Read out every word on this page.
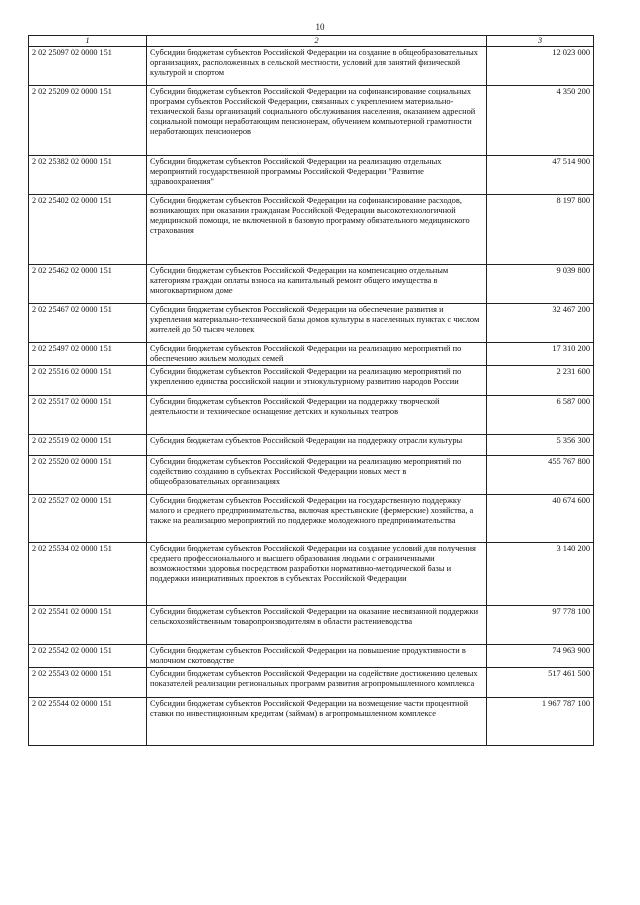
10
1	2	3
2 02 25097 02 0000 151	Субсидии бюджетам субъектов Российской Федерации на создание в общеобразовательных организациях, расположенных в сельской местности, условий для занятий физической культурой и спортом	12 023 000
2 02 25209 02 0000 151	Субсидии бюджетам субъектов Российской Федерации на софинансирование социальных программ субъектов Российской Федерации, связанных с укреплением материально-технической базы организаций социального обслуживания населения, оказанием адресной социальной помощи неработающим пенсионерам, обучением компьютерной грамотности неработающих пенсионеров	4 350 200
2 02 25382 02 0000 151	Субсидии бюджетам субъектов Российской Федерации на реализацию отдельных мероприятий государственной программы Российской Федерации "Развитие здравоохранения"	47 514 900
2 02 25402 02 0000 151	Субсидии бюджетам субъектов Российской Федерации на софинансирование расходов, возникающих при оказании гражданам Российской Федерации высокотехнологичной медицинской помощи, не включенной в базовую программу обязательного медицинского страхования	8 197 800
2 02 25462 02 0000 151	Субсидии бюджетам субъектов Российской Федерации на компенсацию отдельным категориям граждан оплаты взноса на капитальный ремонт общего имущества в многоквартирном доме	9 039 800
2 02 25467 02 0000 151	Субсидии бюджетам субъектов Российской Федерации на обеспечение развития и укрепления материально-технической базы домов культуры в населенных пунктах с числом жителей до 50 тысяч человек	32 467 200
2 02 25497 02 0000 151	Субсидии бюджетам субъектов Российской Федерации на реализацию мероприятий по обеспечению жильем молодых семей	17 310 200
2 02 25516 02 0000 151	Субсидии бюджетам субъектов Российской Федерации на реализацию мероприятий по укреплению единства российской нации и этнокультурному развитию народов России	2 231 600
2 02 25517 02 0000 151	Субсидии бюджетам субъектов Российской Федерации на поддержку творческой деятельности и техническое оснащение детских и кукольных театров	6 587 000
2 02 25519 02 0000 151	Субсидия бюджетам субъектов Российской Федерации на поддержку отрасли культуры	5 356 300
2 02 25520 02 0000 151	Субсидии бюджетам субъектов Российской Федерации на реализацию мероприятий по содействию созданию в субъектах Российской Федерации новых мест в общеобразовательных организациях	455 767 800
2 02 25527 02 0000 151	Субсидии бюджетам субъектов Российской Федерации на государственную поддержку малого и среднего предпринимательства, включая крестьянские (фермерские) хозяйства, а также на реализацию мероприятий по поддержке молодежного предпринимательства	40 674 600
2 02 25534 02 0000 151	Субсидии бюджетам субъектов Российской Федерации на создание условий для получения среднего профессионального и высшего образования людьми с ограниченными возможностями здоровья посредством разработки нормативно-методической базы и поддержки инициативных проектов в субъектах Российской Федерации	3 140 200
2 02 25541 02 0000 151	Субсидии бюджетам субъектов Российской Федерации на оказание несвязанной поддержки сельскохозяйственным товаропроизводителям в области растениеводства	97 778 100
2 02 25542 02 0000 151	Субсидии бюджетам субъектов Российской Федерации на повышение продуктивности в молочном скотоводстве	74 963 900
2 02 25543 02 0000 151	Субсидии бюджетам субъектов Российской Федерации на содействие достижению целевых показателей реализации региональных программ развития агропромышленного комплекса	517 461 500
2 02 25544 02 0000 151	Субсидии бюджетам субъектов Российской Федерации на возмещение части процентной ставки по инвестиционным кредитам (займам) в агропромышленном комплексе	1 967 787 100
